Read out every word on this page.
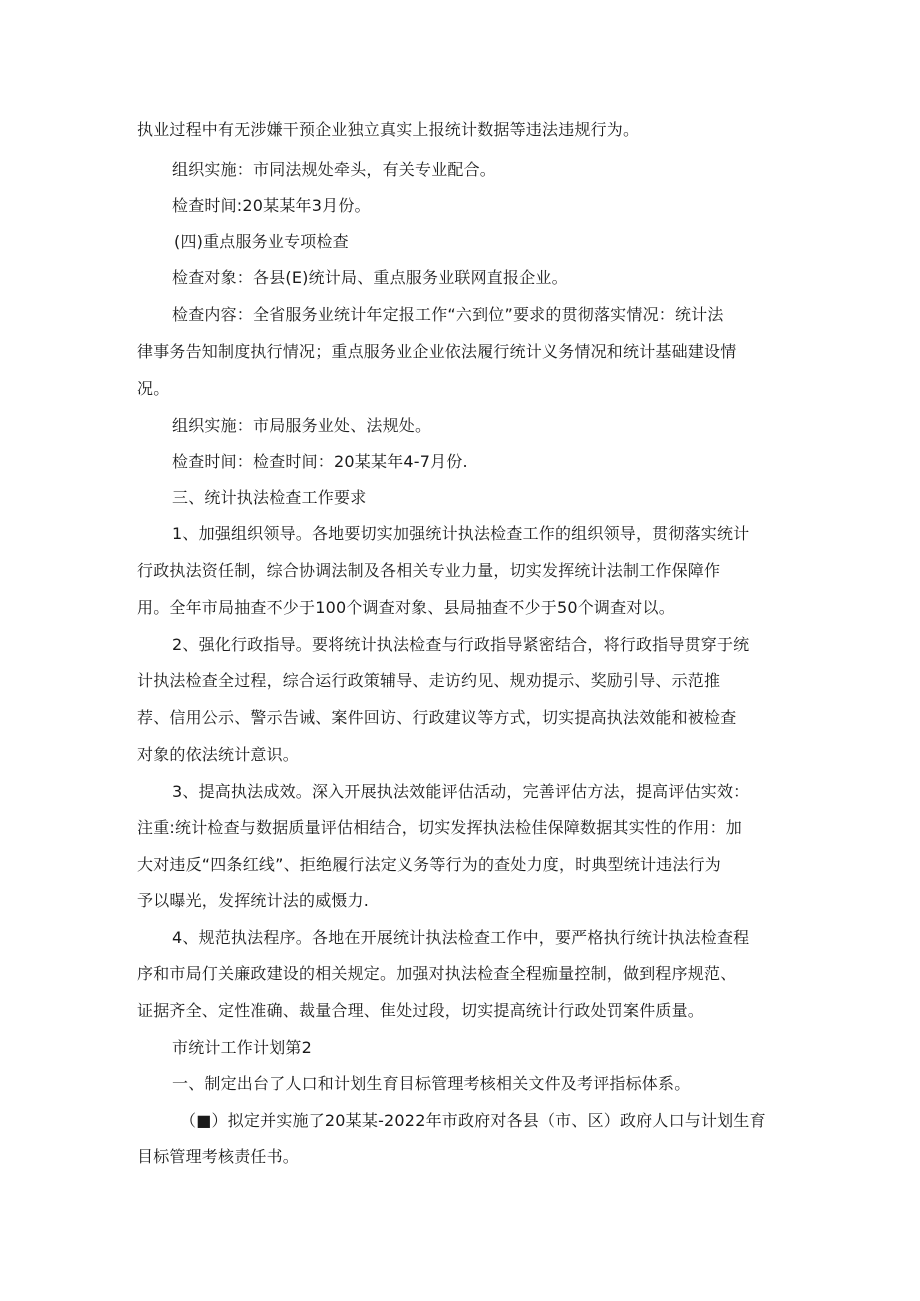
执业过程中有无涉嫌干预企业独立真实上报统计数据等违法违规行为。
组织实施：市同法规处牵头，有关专业配合。
检查时间:20某某年3月份。
(四)重点服务业专项检查
检查对象：各县(E)统计局、重点服务业联网直报企业。
检查内容：全省服务业统计年定报工作“六到位”要求的贯彻落实情况：统计法
律事务告知制度执行情况；重点服务业企业依法履行统计义务情况和统计基础建设情
况。
组织实施：市局服务业处、法规处。
检查时间：检查时间：20某某年4-7月份.
三、统计执法检查工作要求
1、加强组织领导。各地要切实加强统计执法检查工作的组织领导，贯彻落实统计
行政执法资任制，综合协调法制及各相关专业力量，切实发挥统计法制工作保障作
用。全年市局抽查不少于100个调查对象、县局抽查不少于50个调查对以。
2、强化行政指导。要将统计执法检查与行政指导紧密结合，将行政指导贯穿于统
计执法检查全过程，综合运行政策辅导、走访约见、规劝提示、奖励引导、示范推
荐、信用公示、警示告诫、案件回访、行政建议等方式，切实提高执法效能和被检查
对象的依法统计意识。
3、提高执法成效。深入开展执法效能评估活动，完善评估方法，提高评估实效：
注重:统计检查与数据质量评估相结合，切实发挥执法检佳保障数据其实性的作用：加
大对违反“四条红线”、拒绝履行法定义务等行为的查处力度，时典型统计违法行为
予以曝光，发挥统计法的威慑力.
4、规范执法程序。各地在开展统计执法检查工作中，要严格执行统计执法检查程
序和市局仃关廉政建设的相关规定。加强对执法检查全程痂量控制，做到程序规范、
证据齐全、定性准确、裁量合理、隹处过段，切实提高统计行政处罚案件质量。
市统计工作计划第2
一、制定出台了人口和计划生育目标管理考核相关文件及考评指标体系。
（■）拟定并实施了20某某-2022年市政府对各县（市、区）政府人口与计划生育
目标管理考核责任书。
